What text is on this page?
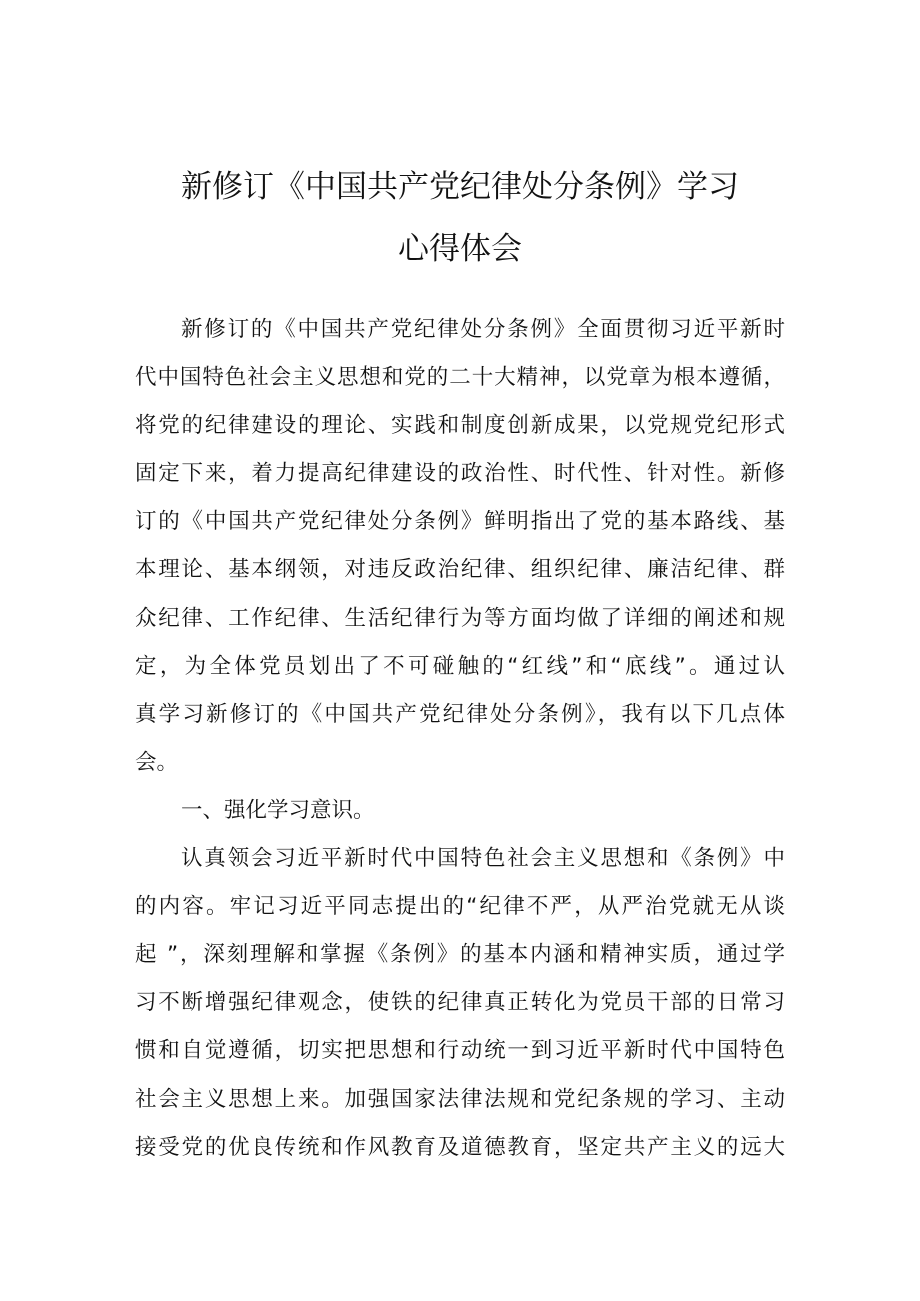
新修订《中国共产党纪律处分条例》学习
心得体会
新修订的《中国共产党纪律处分条例》全面贯彻习近平新时
代中国特色社会主义思想和党的二十大精神，以党章为根本遵循，
将党的纪律建设的理论、实践和制度创新成果，以党规党纪形式
固定下来，着力提高纪律建设的政治性、时代性、针对性。新修
订的《中国共产党纪律处分条例》鲜明指出了党的基本路线、基
本理论、基本纲领，对违反政治纪律、组织纪律、廉洁纪律、群
众纪律、工作纪律、生活纪律行为等方面均做了详细的阐述和规
定，为全体党员划出了不可碰触的“红线”和“底线”。通过认
真学习新修订的《中国共产党纪律处分条例》，我有以下几点体
会。
一、强化学习意识。
认真领会习近平新时代中国特色社会主义思想和《条例》中
的内容。牢记习近平同志提出的“纪律不严，从严治党就无从谈
起 ”，深刻理解和掌握《条例》的基本内涵和精神实质，通过学
习不断增强纪律观念，使铁的纪律真正转化为党员干部的日常习
惯和自觉遵循，切实把思想和行动统一到习近平新时代中国特色
社会主义思想上来。加强国家法律法规和党纪条规的学习、主动
接受党的优良传统和作风教育及道德教育，坚定共产主义的远大
